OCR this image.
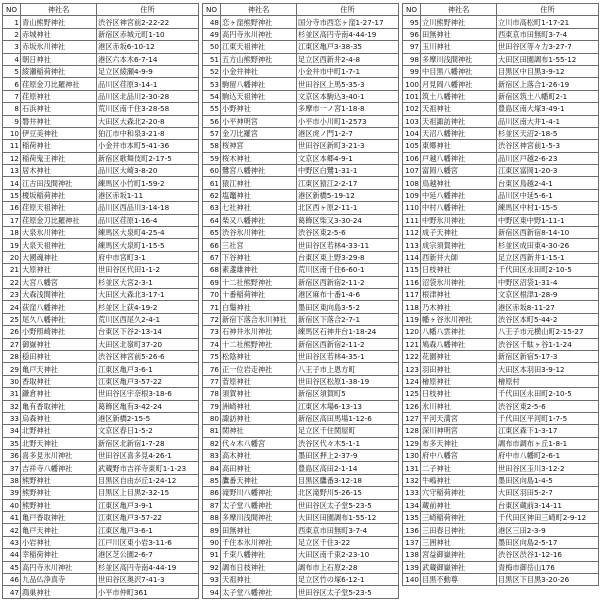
NO	神社名	住所
1	青山熊野神社	渋谷区神宮前2-22-22
2	赤城神社	新宿区赤城元町1-10
3	赤坂氷川神社	港区赤坂6-10-12
4	朝日神社	港区六本木6-7-14
5	綾瀬稲荷神社	足立区綾瀬4-9-9
6	荏原金刀比羅神社	品川区荏原3-14-1
7	荏原神社	品川区北品川2-30-28
8	石浜神社	荒川区南千住3-28-58
9	磐井神社	大田区大森北2-20-8
10	伊豆美神社	狛江市中和泉3-21-8
11	稲荷神社	小金井市本町5-41-36
12	稲荷鬼王神社	新宿区歌舞伎町2-17-5
13	居木神社	品川区大崎3-8-20
14	江古田浅間神社	練馬区小竹町1-59-2
15	榎坂稲荷神社	港区赤坂1-11
16	荏原天祖神社	品川区西品川3-14-18
17	荏原金刀比羅神社	品川区荏原1-16-4
18	大泉氷川神社	練馬区大泉町4-25-4
19	大泉天祖神社	練馬区大泉町1-15-5
20	大國魂神社	府中市宮町3-1
21	大原神社	世田谷区代田1-1-2
22	大宮八幡宮	杉並区大宮2-3-1
23	大森浅間神社	大田区大森北3-17-1
24	荻窪八幡神社	杉並区上荻4-19-2
25	尾久八幡神社	荒川区西尾久2-4-1
26	小野照崎神社	台東区下谷2-13-14
27	御嶽神社	大田区北嶺町37-20
28	穏田神社	渋谷区神宮前5-26-6
29	亀戸天神社	江東区亀戸3-6-1
30	香取神社	江東区亀戸3-57-22
31	鎌倉神社	世田谷区宇奈根3-18-6
32	亀有香取神社	葛飾区亀有3-42-24
33	烏森神社	港区新橋2-15-5
34	北野神社	文京区春日1-5-2
35	北野天神社	新宿区北新宿1-7-28
36	喜多見氷川神社	世田谷区喜多見4-26-1
37	吉祥寺八幡神社	武蔵野市吉祥寺東町1-1-23
38	熊野神社	目黒区自由が丘1-24-12
39	熊野神社	目黒区上目黒2-32-15
40	熊野神社	江東区亀戸3-9-1
41	亀戸香取神社	江東区亀戸3-57-22
42	亀戸天神社	江東区亀戸3-6-1
43	小岩神社	江戸川区東小岩3-11-6
44	幸稲荷神社	港区芝公園2-6-7
45	高円寺氷川神社	杉並区高円寺南4-44-19
46	九品仏浄真寺	世田谷区奥沢7-41-3
47	鴻巣神社	小平市仲町361
NO	神社名	住所
48	恋ヶ窪熊野神社	国分寺市西恋ヶ窪1-27-17
49	高円寺氷川神社	杉並区高円寺南4-44-19
50	江東天祖神社	江東区亀戸3-38-35
51	五方山熊野神社	足立区西新井2-4-8
52	小金井神社	小金井市中町1-7-1
53	駒留八幡神社	世田谷区上馬5-35-3
54	駒込天祖神社	文京区本駒込3-40-1
55	小野神社	多摩市一ノ宮1-18-8
56	小平神明宮	小平市小川町1-2573
57	金刀比羅宮	港区虎ノ門1-2-7
58	桜神宮	世田谷区新町3-21-3
59	桜木神社	文京区本郷4-9-1
60	鷺宮八幡神社	中野区白鷺1-31-1
61	猿江神社	江東区猿江2-2-17
62	塩竈神社	港区新橋5-19-12
63	七社神社	北区西ヶ原2-11-1
64	柴又八幡神社	葛飾区柴又3-30-24
65	渋谷氷川神社	渋谷区東2-5-6
66	三社宮	世田谷区若林4-33-11
67	下谷神社	台東区東上野3-29-8
68	素盞雄神社	荒川区南千住6-60-1
69	十二社熊野神社	新宿区西新宿2-11-2
70	十番稲荷神社	港区麻布十番1-4-6
71	白鬚神社	墨田区東向島3-5-2
72	新宿下落合氷川神社	新宿区下落合2-7-1
73	石神井氷川神社	練馬区石神井台1-18-24
74	十二社熊野神社	新宿区西新宿2-11-2
75	松陰神社	世田谷区若林4-35-1
76	正一位岩走神社	八王子市上恩方町
77	菅原神社	世田谷区松原1-38-19
78	須賀神社	新宿区須賀町5
79	洲崎神社	江東区木場6-13-13
80	諏訪神社	新宿区高田馬場1-12-6
81	関神社	足立区千住関屋町
82	代々木八幡宮	渋谷区代々木5-1-1
83	高木神社	墨田区押上2-37-9
84	高田神社	豊島区高田2-1-14
85	鷹番天神社	目黒区鷹番3-12-18
86	滝野川八幡神社	北区滝野川5-26-15
87	太子堂八幡神社	世田谷区太子堂5-23-5
88	多摩川浅間神社	大田区田園調布1-55-12
89	田無神社	西東京市田無町3-7-4
90	千住本氷川神社	足立区千住3-22
91	千束八幡神社	大田区南千束2-23-10
92	調布日枝神社	調布市上石原2-28
93	天祖神社	足立区竹の塚6-12-1
94	太子堂八幡神社	世田谷区太子堂5-23-5
NO	神社名	住所
95	立川熊野神社	立川市高松町1-17-21
96	田無神社	西東京市田無町3-7-4
97	玉川神社	世田谷区等々力3-27-7
98	多摩川浅間神社	大田区田園調布1-55-12
99	中目黒八幡神社	目黒区中目黒3-9-12
100	月見岡八幡神社	新宿区上落合1-26-19
101	筑土八幡神社	新宿区筑土八幡町2-1
102	天祖神社	豊島区南大塚3-49-1
103	天祖諏訪神社	品川区南大井1-4-1
104	天沼八幡神社	杉並区天沼2-18-5
105	東郷神社	渋谷区神宮前1-5-3
106	戸越八幡神社	品川区戸越2-6-23
107	富岡八幡宮	江東区富岡1-20-3
108	鳥越神社	台東区鳥越2-4-1
109	中延八幡神社	品川区中延5-6-1
110	中村八幡神社	練馬区中村1-15-5
111	中野氷川神社	中野区東中野1-11-1
112	成子天神社	新宿区西新宿8-14-10
113	成宗須賀神社	杉並区成田東4-30-26
114	西新井大師	足立区西新井1-15-1
115	日枝神社	千代田区永田町2-10-5
116	沼袋氷川神社	中野区沼袋1-31-4
117	根津神社	文京区根津1-28-9
118	乃木神社	港区赤坂8-11-27
119	幡ヶ谷氷川神社	渋谷区本町5-44-2
120	八幡八雲神社	八王子市元横山町2-15-27
121	鳩森八幡神社	渋谷区千駄ヶ谷1-1-24
122	花園神社	新宿区新宿5-17-3
123	羽田神社	大田区本羽田3-9-12
124	檜原神社	檜原村
125	日枝神社	千代田区永田町2-10-5
126	氷川神社	渋谷区東2-5-6
127	平河天満宮	千代田区平河町1-7-5
128	深川神明宮	江東区森下1-3-17
129	布多天神社	調布市調布ヶ丘1-8-1
130	府中八幡宮	府中市八幡町2-6-1
131	二子神社	世田谷区玉川3-12-2
132	牛嶋神社	墨田区向島1-4-5
133	穴守稲荷神社	大田区羽田5-2-7
134	蔵前神社	台東区蔵前3-14-11
135	三崎稲荷神社	千代田区神田三崎町2-9-12
136	三田春日神社	港区三田2-3-9
137	三囲神社	墨田区向島2-5-17
138	宮益御嶽神社	渋谷区渋谷1-12-16
139	武蔵御嶽神社	青梅市御岳山176
140	目黒不動尊	目黒区下目黒3-20-26
